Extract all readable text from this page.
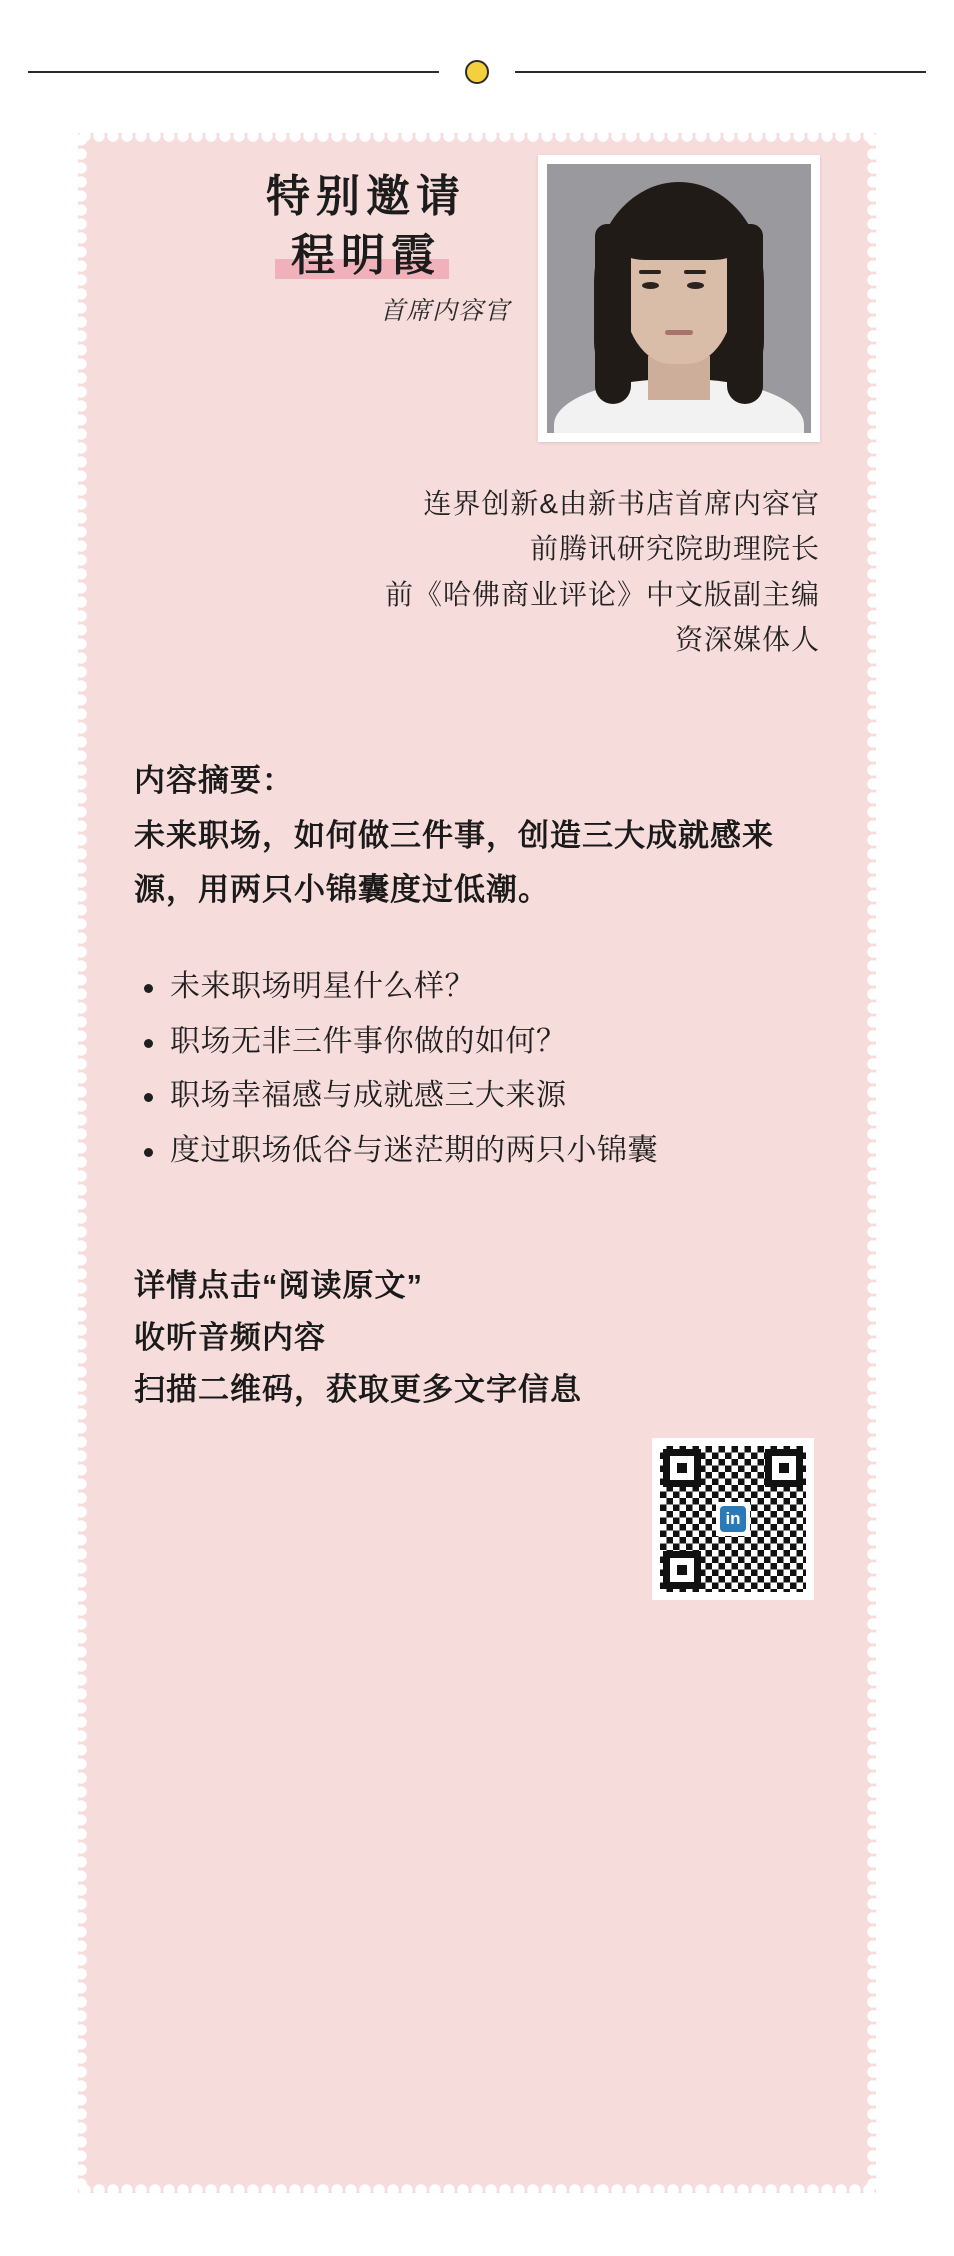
特别邀请
程明霞
首席内容官
连界创新&由新书店首席内容官
前腾讯研究院助理院长
前《哈佛商业评论》中文版副主编
资深媒体人
内容摘要：
未来职场，如何做三件事，创造三大成就感来源，用两只小锦囊度过低潮。
未来职场明星什么样？
职场无非三件事你做的如何？
职场幸福感与成就感三大来源
度过职场低谷与迷茫期的两只小锦囊
详情点击“阅读原文”
收听音频内容
扫描二维码，获取更多文字信息
in
